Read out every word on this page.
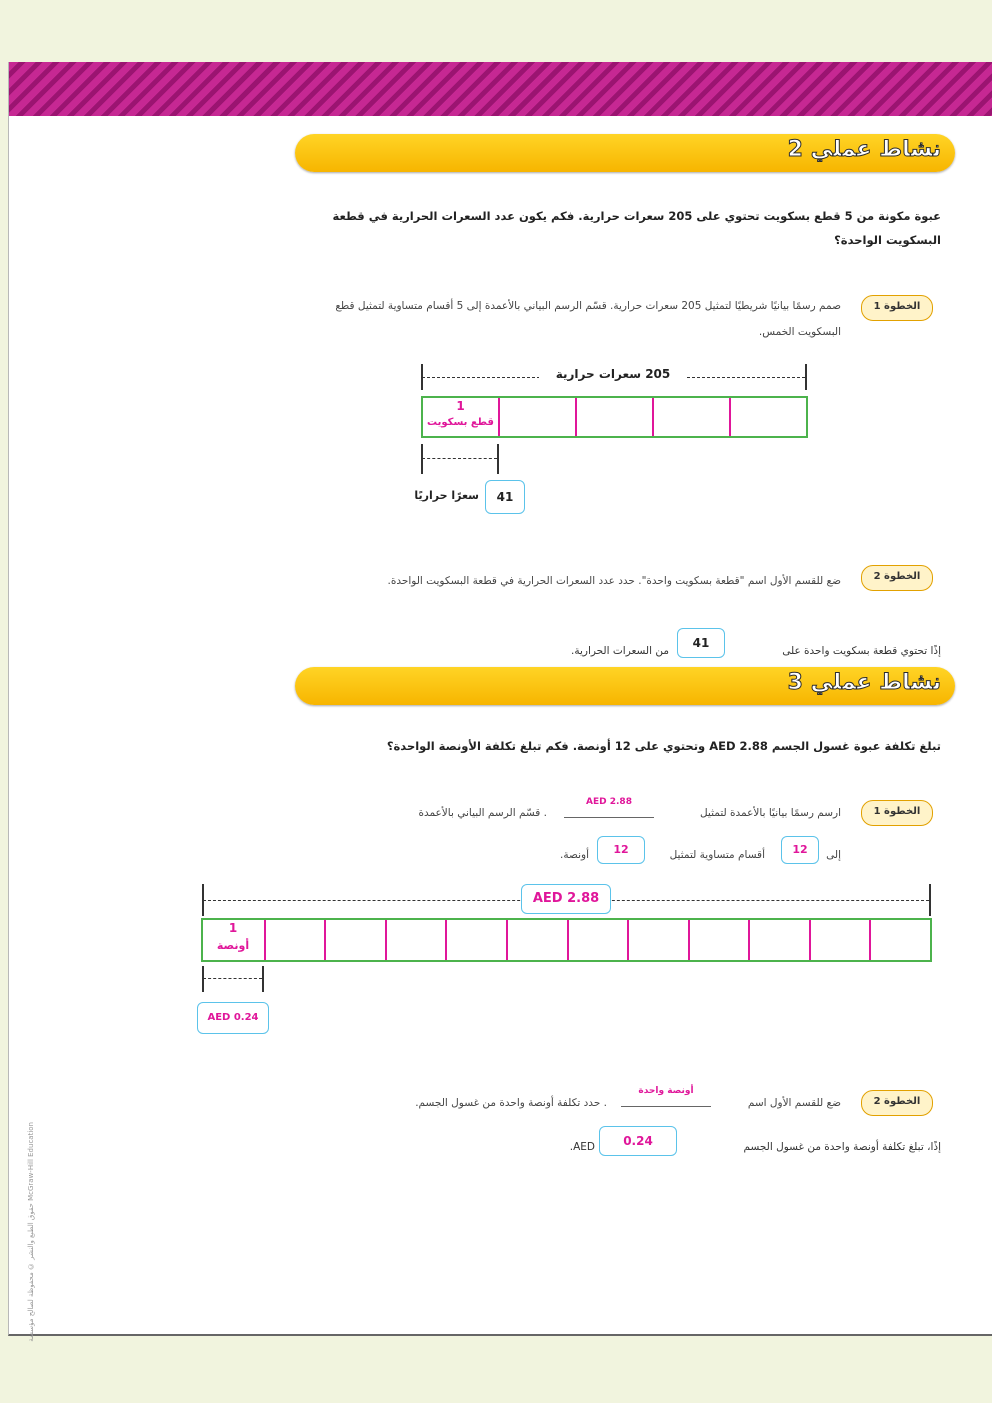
نشاط عملي 2
عبوة مكونة من 5 قطع بسكويت تحتوي على 205 سعرات حرارية. فكم يكون عدد السعرات الحرارية في قطعة البسكويت الواحدة؟
الخطوة 1
صمم رسمًا بيانيًا شريطيًا لتمثيل 205 سعرات حرارية. قسّم الرسم البياني بالأعمدة إلى 5 أقسام متساوية لتمثيل قطع البسكويت الخمس.
205 سعرات حرارية
1
قطع بسكويت
41
سعرًا حراريًا
الخطوة 2
ضع للقسم الأول اسم "قطعة بسكويت واحدة". حدد عدد السعرات الحرارية في قطعة البسكويت الواحدة.
إذًا تحتوي قطعة بسكويت واحدة على
41
من السعرات الحرارية.
نشاط عملي 3
تبلغ تكلفة عبوة غسول الجسم AED 2.88 وتحتوي على 12 أونصة. فكم تبلغ تكلفة الأونصة الواحدة؟
الخطوة 1
ارسم رسمًا بيانيًا بالأعمدة لتمثيل
AED 2.88
. قسّم الرسم البياني بالأعمدة
إلى
12
أقسام متساوية لتمثيل
12
أونصة.
AED 2.88
1
أونصة
AED 0.24
الخطوة 2
ضع للقسم الأول اسم
أونصة واحدة
. حدد تكلفة أونصة واحدة من غسول الجسم.
إذًا، تبلغ تكلفة أونصة واحدة من غسول الجسم
0.24
AED.
حقوق الطبع والنشر © محفوظة لصالح مؤسسة McGraw-Hill Education
